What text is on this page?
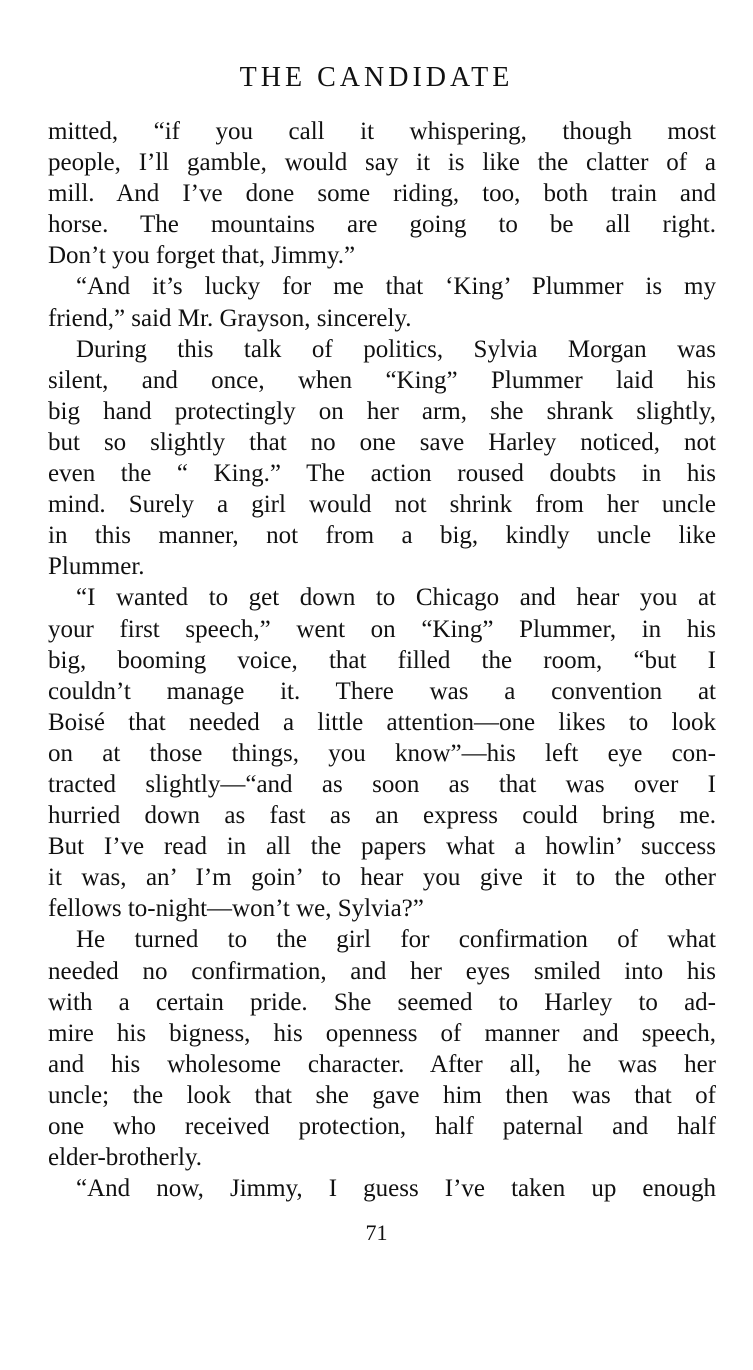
THE CANDIDATE
mitted, “if you call it whispering, though most
people, I’ll gamble, would say it is like the clatter of a
mill. And I’ve done some riding, too, both train and
horse. The mountains are going to be all right.
Don’t you forget that, Jimmy.”
“And it’s lucky for me that ‘King’ Plummer is my
friend,” said Mr. Grayson, sincerely.
During this talk of politics, Sylvia Morgan was
silent, and once, when “King” Plummer laid his
big hand protectingly on her arm, she shrank slightly,
but so slightly that no one save Harley noticed, not
even the “ King.” The action roused doubts in his
mind. Surely a girl would not shrink from her uncle
in this manner, not from a big, kindly uncle like
Plummer.
“I wanted to get down to Chicago and hear you at
your first speech,” went on “King” Plummer, in his
big, booming voice, that filled the room, “but I
couldn’t manage it. There was a convention at
Boisé that needed a little attention—one likes to look
on at those things, you know”—his left eye con-
tracted slightly—“and as soon as that was over I
hurried down as fast as an express could bring me.
But I’ve read in all the papers what a howlin’ success
it was, an’ I’m goin’ to hear you give it to the other
fellows to-night—won’t we, Sylvia?”
He turned to the girl for confirmation of what
needed no confirmation, and her eyes smiled into his
with a certain pride. She seemed to Harley to ad-
mire his bigness, his openness of manner and speech,
and his wholesome character. After all, he was her
uncle; the look that she gave him then was that of
one who received protection, half paternal and half
elder-brotherly.
“And now, Jimmy, I guess I’ve taken up enough
71
